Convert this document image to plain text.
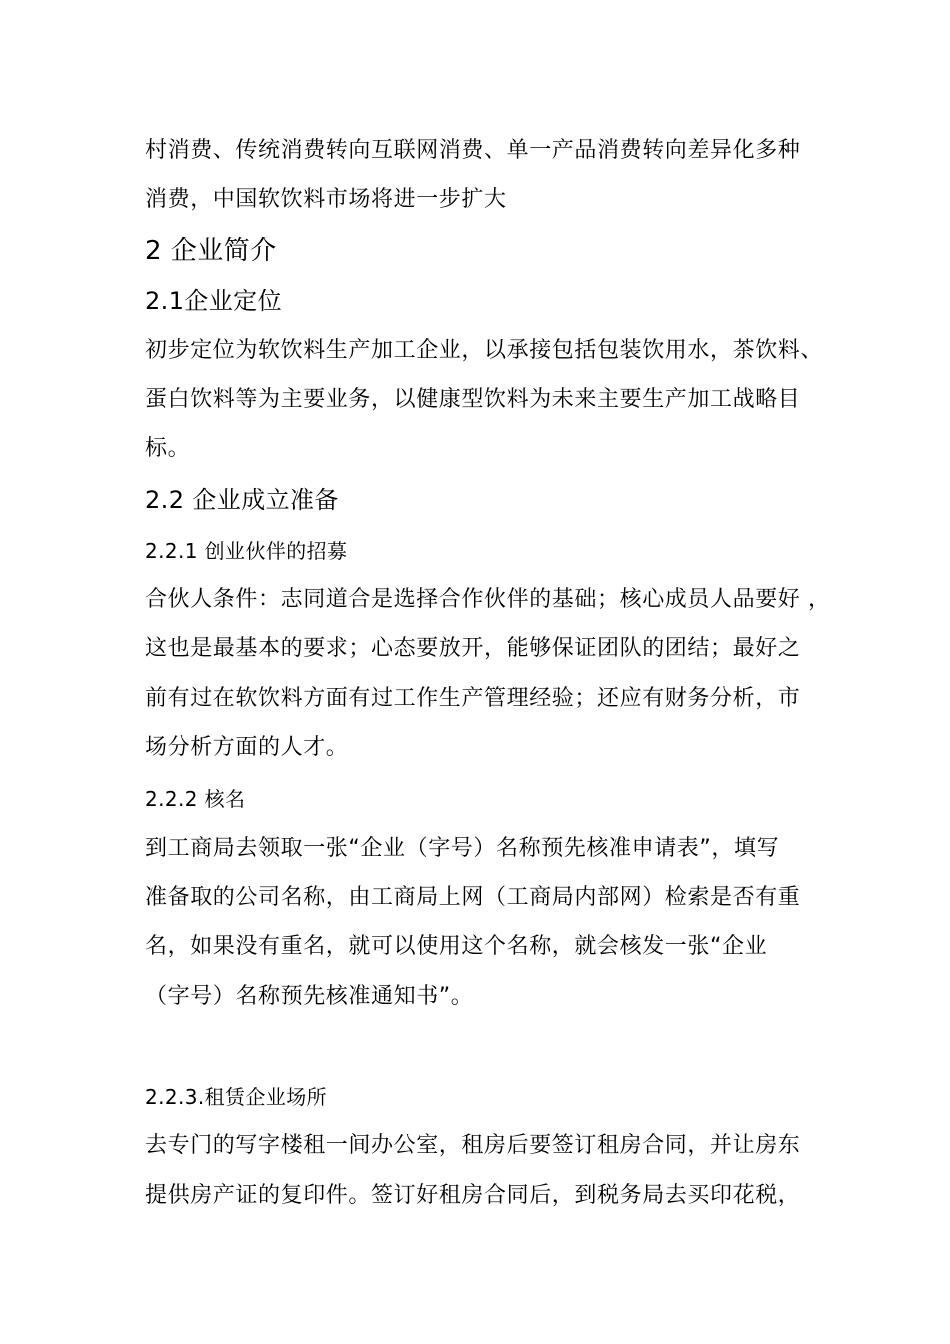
村消费、传统消费转向互联网消费、单一产品消费转向差异化多种
消费，中国软饮料市场将进一步扩大
2 企业简介
2.1企业定位
初步定位为软饮料生产加工企业，以承接包括包装饮用水，茶饮料、
蛋白饮料等为主要业务，以健康型饮料为未来主要生产加工战略目
标。
2.2 企业成立准备
2.2.1 创业伙伴的招募
合伙人条件：志同道合是选择合作伙伴的基础；核心成员人品要好 ，
这也是最基本的要求；心态要放开，能够保证团队的团结；最好之
前有过在软饮料方面有过工作生产管理经验；还应有财务分析，市
场分析方面的人才。
2.2.2 核名
到工商局去领取一张“企业（字号）名称预先核准申请表”，填写
准备取的公司名称，由工商局上网（工商局内部网）检索是否有重
名，如果没有重名，就可以使用这个名称，就会核发一张“企业
（字号）名称预先核准通知书”。
2.2.3.租赁企业场所
去专门的写字楼租一间办公室，租房后要签订租房合同，并让房东
提供房产证的复印件。签订好租房合同后，到税务局去买印花税，
